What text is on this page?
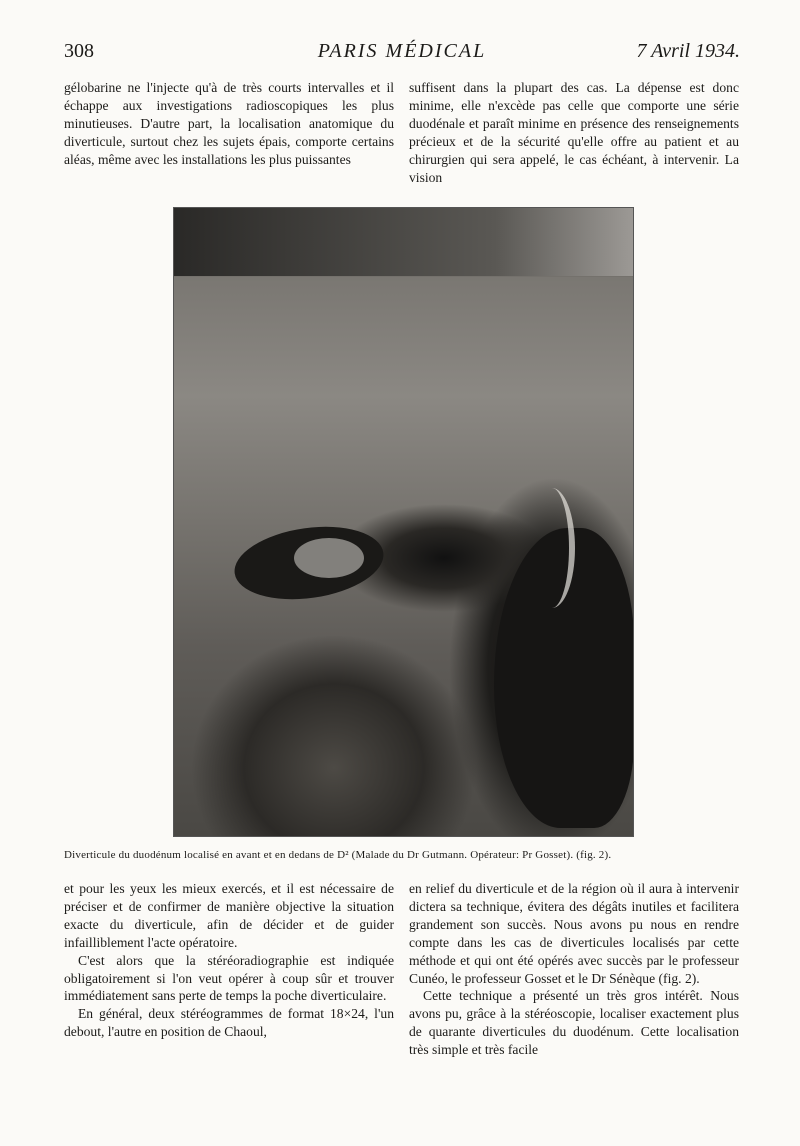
308	PARIS MÉDICAL	7 Avril 1934.

gélobarine ne l'injecte qu'à de très courts intervalles et il échappe aux investigations radioscopiques les plus minutieuses. D'autre part, la localisation anatomique du diverticule, surtout chez les sujets épais, comporte certains aléas, même avec les installations les plus puissantes

suffisent dans la plupart des cas. La dépense est donc minime, elle n'excède pas celle que comporte une série duodénale et paraît minime en présence des renseignements précieux et de la sécurité qu'elle offre au patient et au chirurgien qui sera appelé, le cas échéant, à intervenir. La vision

Diverticule du duodénum localisé en avant et en dedans de D² (Malade du Dr Gutmann. Opérateur: Pr Gosset). (fig. 2).

et pour les yeux les mieux exercés, et il est nécessaire de préciser et de confirmer de manière objective la situation exacte du diverticule, afin de décider et de guider infailliblement l'acte opératoire.

C'est alors que la stéréoradiographie est indiquée obligatoirement si l'on veut opérer à coup sûr et trouver immédiatement sans perte de temps la poche diverticulaire.

En général, deux stéréogrammes de format 18×24, l'un debout, l'autre en position de Chaoul,

en relief du diverticule et de la région où il aura à intervenir dictera sa technique, évitera des dégâts inutiles et facilitera grandement son succès. Nous avons pu nous en rendre compte dans les cas de diverticules localisés par cette méthode et qui ont été opérés avec succès par le professeur Cunéo, le professeur Gosset et le Dr Sénèque (fig. 2).

Cette technique a présenté un très gros intérêt. Nous avons pu, grâce à la stéréoscopie, localiser exactement plus de quarante diverticules du duodénum. Cette localisation très simple et très facile
